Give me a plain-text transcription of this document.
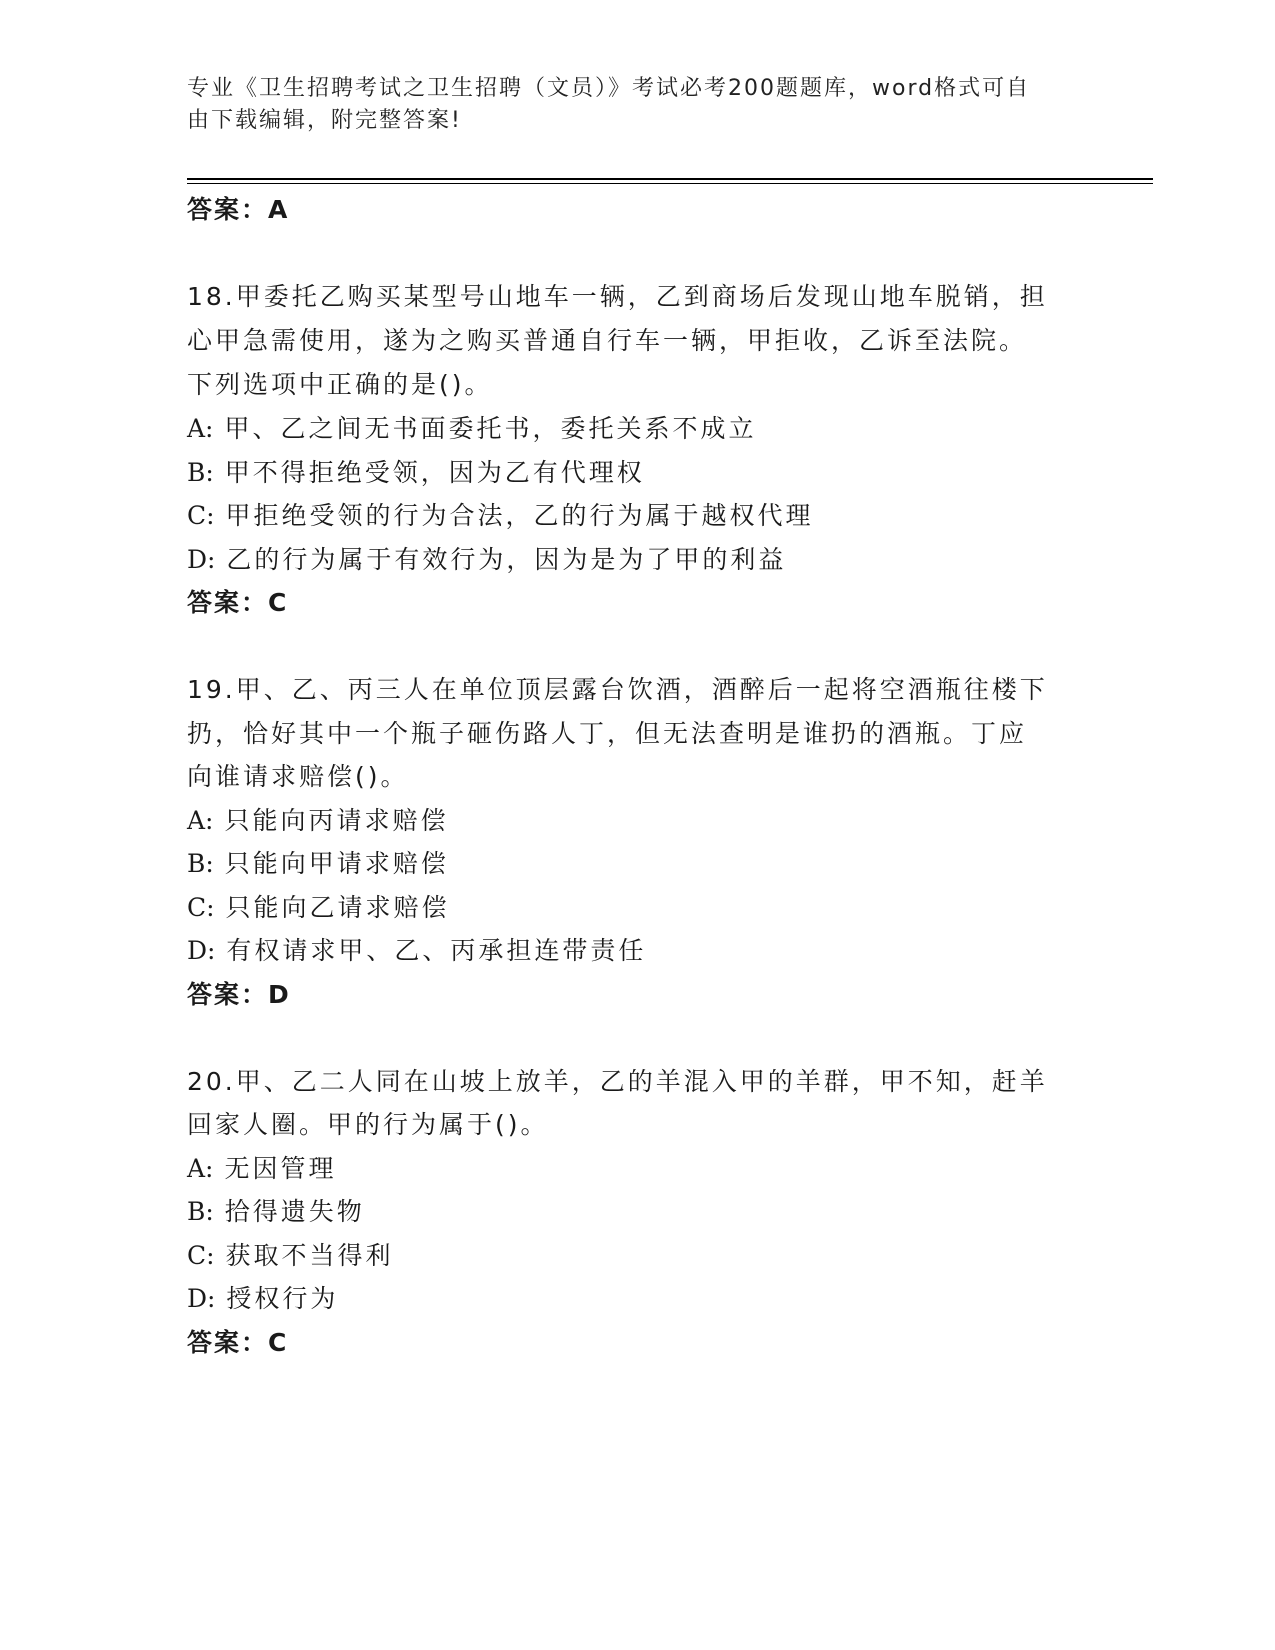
专业《卫生招聘考试之卫生招聘（文员）》考试必考200题题库，word格式可自
由下载编辑，附完整答案!
答案：A
18.甲委托乙购买某型号山地车一辆，乙到商场后发现山地车脱销，担
心甲急需使用，遂为之购买普通自行车一辆，甲拒收，乙诉至法院。
下列选项中正确的是()。
A: 甲、乙之间无书面委托书，委托关系不成立
B: 甲不得拒绝受领，因为乙有代理权
C: 甲拒绝受领的行为合法，乙的行为属于越权代理
D: 乙的行为属于有效行为，因为是为了甲的利益
答案：C
19.甲、乙、丙三人在单位顶层露台饮酒，酒醉后一起将空酒瓶往楼下
扔，恰好其中一个瓶子砸伤路人丁，但无法查明是谁扔的酒瓶。丁应
向谁请求赔偿()。
A: 只能向丙请求赔偿
B: 只能向甲请求赔偿
C: 只能向乙请求赔偿
D: 有权请求甲、乙、丙承担连带责任
答案：D
20.甲、乙二人同在山坡上放羊，乙的羊混入甲的羊群，甲不知，赶羊
回家人圈。甲的行为属于()。
A: 无因管理
B: 拾得遗失物
C: 获取不当得利
D: 授权行为
答案：C
